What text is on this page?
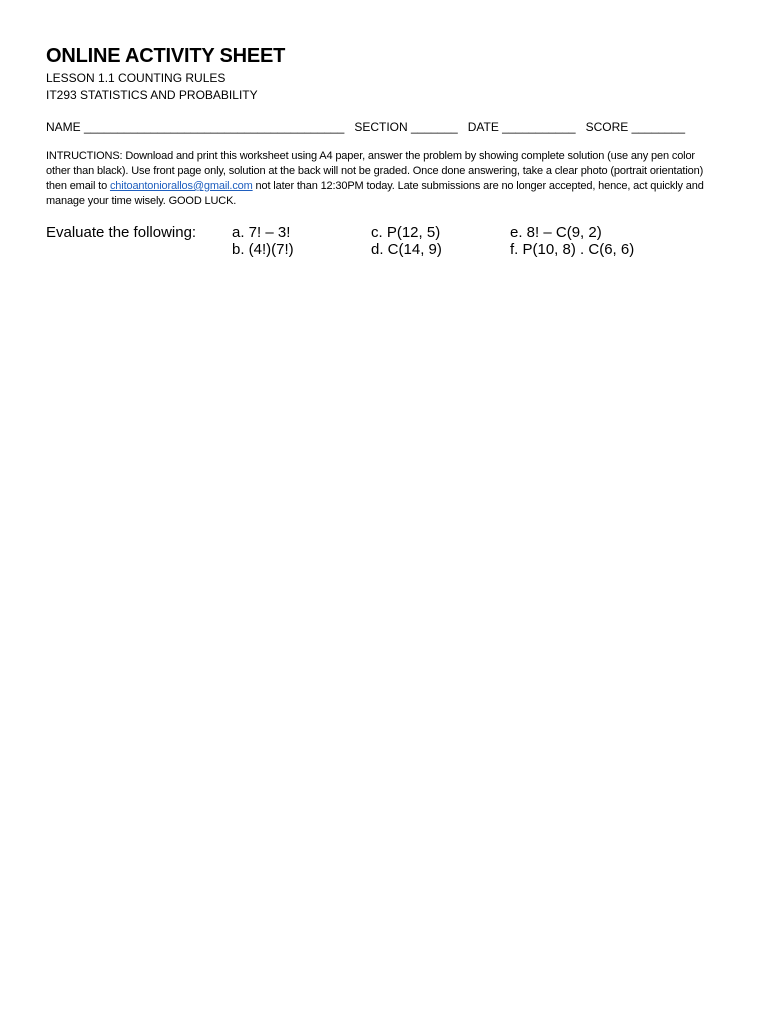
ONLINE ACTIVITY SHEET
LESSON 1.1 COUNTING RULES
IT293 STATISTICS AND PROBABILITY
NAME _______________________________________ SECTION _______ DATE ___________ SCORE ________
INTRUCTIONS: Download and print this worksheet using A4 paper, answer the problem by showing complete solution (use any pen color other than black). Use front page only, solution at the back will not be graded. Once done answering, take a clear photo (portrait orientation) then email to chitoantoniorallos@gmail.com not later than 12:30PM today. Late submissions are no longer accepted, hence, act quickly and manage your time wisely. GOOD LUCK.
Evaluate the following: a. 7! – 3!
b. (4!)(7!)
c. P(12, 5)
d. C(14, 9)
e. 8! – C(9, 2)
f. P(10, 8) . C(6, 6)
